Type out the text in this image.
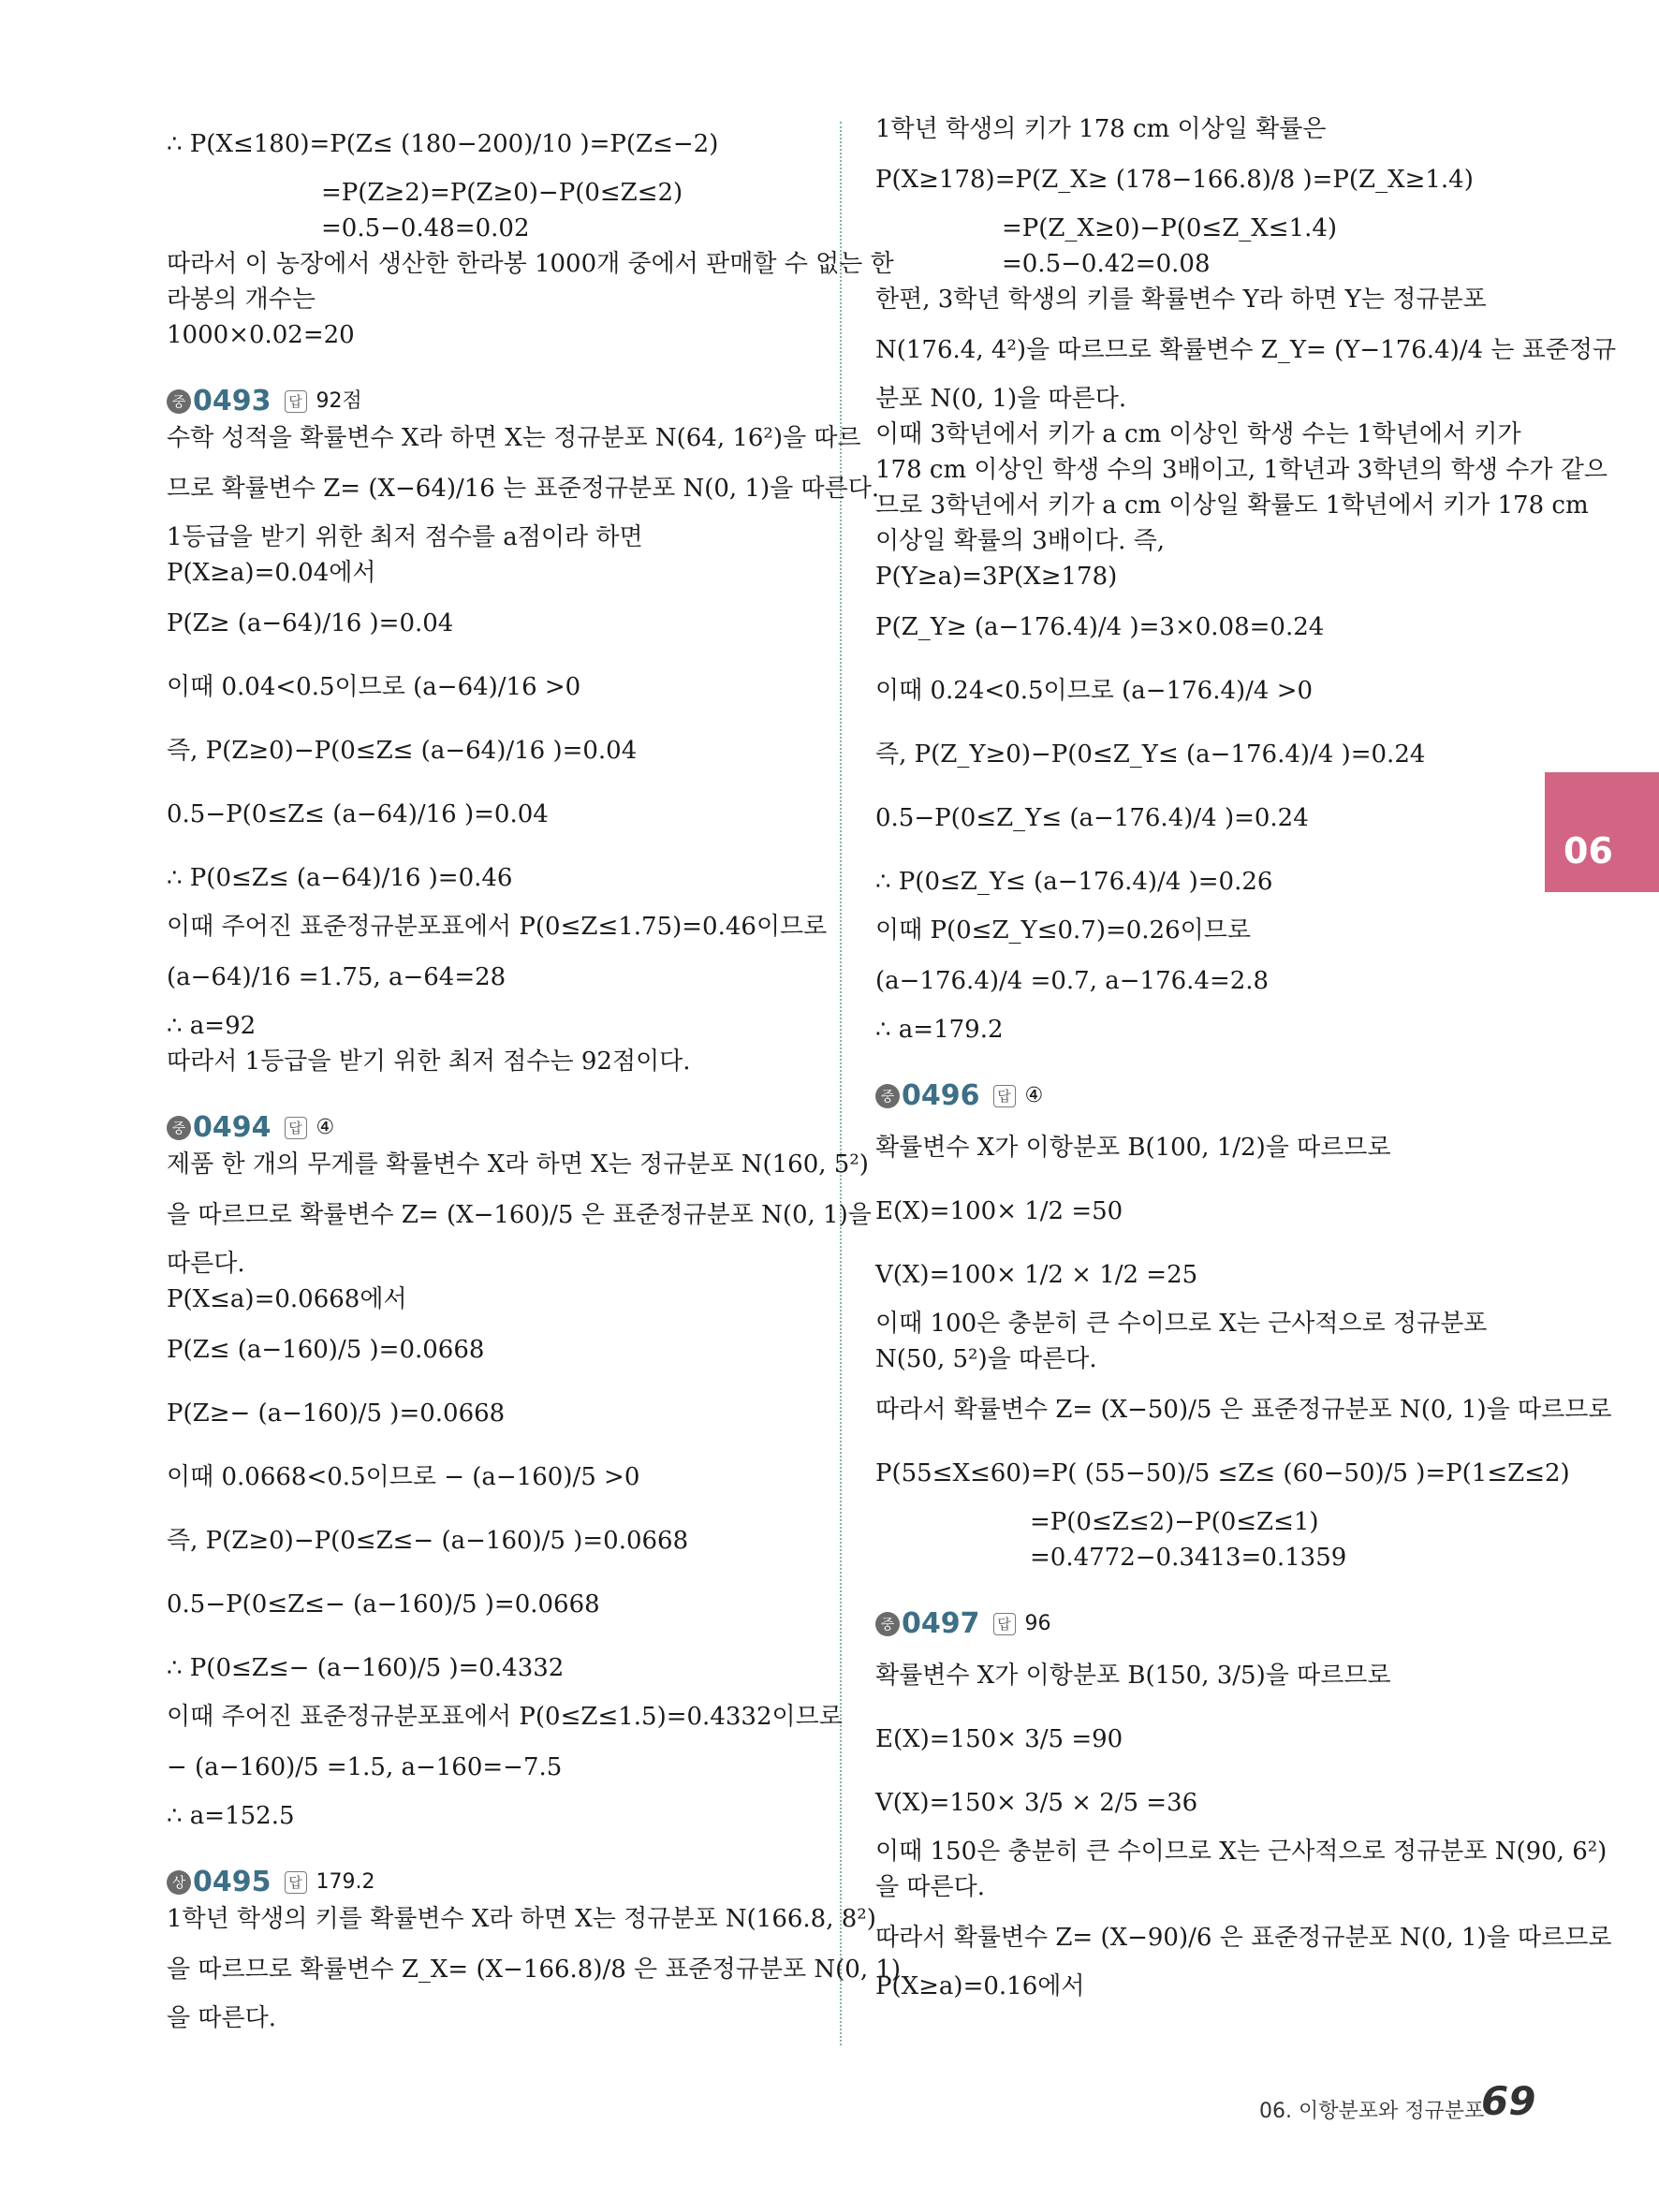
∴ P(X≤180)=P(Z≤ (180−200)/10 )=P(Z≤−2)
=P(Z≥2)=P(Z≥0)−P(0≤Z≤2)
=0.5−0.48=0.02
따라서 이 농장에서 생산한 한라봉 1000개 중에서 판매할 수 없는 한
라봉의 개수는
1000×0.02=20
중 0493 답 92점
수학 성적을 확률변수 X라 하면 X는 정규분포 N(64, 16²)을 따르
므로 확률변수 Z= (X−64)/16 는 표준정규분포 N(0, 1)을 따른다.
1등급을 받기 위한 최저 점수를 a점이라 하면
P(X≥a)=0.04에서
P(Z≥ (a−64)/16 )=0.04
이때 0.04<0.5이므로 (a−64)/16 >0
즉, P(Z≥0)−P(0≤Z≤ (a−64)/16 )=0.04
0.5−P(0≤Z≤ (a−64)/16 )=0.04
∴ P(0≤Z≤ (a−64)/16 )=0.46
이때 주어진 표준정규분포표에서 P(0≤Z≤1.75)=0.46이므로
(a−64)/16 =1.75, a−64=28
∴ a=92
따라서 1등급을 받기 위한 최저 점수는 92점이다.
중 0494 답 ④
제품 한 개의 무게를 확률변수 X라 하면 X는 정규분포 N(160, 5²)
을 따르므로 확률변수 Z= (X−160)/5 은 표준정규분포 N(0, 1)을
따른다.
P(X≤a)=0.0668에서
P(Z≤ (a−160)/5 )=0.0668
P(Z≥− (a−160)/5 )=0.0668
이때 0.0668<0.5이므로 − (a−160)/5 >0
즉, P(Z≥0)−P(0≤Z≤− (a−160)/5 )=0.0668
0.5−P(0≤Z≤− (a−160)/5 )=0.0668
∴ P(0≤Z≤− (a−160)/5 )=0.4332
이때 주어진 표준정규분포표에서 P(0≤Z≤1.5)=0.4332이므로
− (a−160)/5 =1.5, a−160=−7.5
∴ a=152.5
상 0495 답 179.2
1학년 학생의 키를 확률변수 X라 하면 X는 정규분포 N(166.8, 8²)
을 따르므로 확률변수 Z_X= (X−166.8)/8 은 표준정규분포 N(0, 1)
을 따른다.
1학년 학생의 키가 178 cm 이상일 확률은
P(X≥178)=P(Z_X≥ (178−166.8)/8 )=P(Z_X≥1.4)
=P(Z_X≥0)−P(0≤Z_X≤1.4)
=0.5−0.42=0.08
한편, 3학년 학생의 키를 확률변수 Y라 하면 Y는 정규분포
N(176.4, 4²)을 따르므로 확률변수 Z_Y= (Y−176.4)/4 는 표준정규
분포 N(0, 1)을 따른다.
이때 3학년에서 키가 a cm 이상인 학생 수는 1학년에서 키가
178 cm 이상인 학생 수의 3배이고, 1학년과 3학년의 학생 수가 같으
므로 3학년에서 키가 a cm 이상일 확률도 1학년에서 키가 178 cm
이상일 확률의 3배이다. 즉,
P(Y≥a)=3P(X≥178)
P(Z_Y≥ (a−176.4)/4 )=3×0.08=0.24
이때 0.24<0.5이므로 (a−176.4)/4 >0
즉, P(Z_Y≥0)−P(0≤Z_Y≤ (a−176.4)/4 )=0.24
0.5−P(0≤Z_Y≤ (a−176.4)/4 )=0.24
∴ P(0≤Z_Y≤ (a−176.4)/4 )=0.26
이때 P(0≤Z_Y≤0.7)=0.26이므로
(a−176.4)/4 =0.7, a−176.4=2.8
∴ a=179.2
중 0496 답 ④
확률변수 X가 이항분포 B(100, 1/2)을 따르므로
E(X)=100× 1/2 =50
V(X)=100× 1/2 × 1/2 =25
이때 100은 충분히 큰 수이므로 X는 근사적으로 정규분포
N(50, 5²)을 따른다.
따라서 확률변수 Z= (X−50)/5 은 표준정규분포 N(0, 1)을 따르므로
P(55≤X≤60)=P( (55−50)/5 ≤Z≤ (60−50)/5 )=P(1≤Z≤2)
=P(0≤Z≤2)−P(0≤Z≤1)
=0.4772−0.3413=0.1359
중 0497 답 96
확률변수 X가 이항분포 B(150, 3/5)을 따르므로
E(X)=150× 3/5 =90
V(X)=150× 3/5 × 2/5 =36
이때 150은 충분히 큰 수이므로 X는 근사적으로 정규분포 N(90, 6²)
을 따른다.
따라서 확률변수 Z= (X−90)/6 은 표준정규분포 N(0, 1)을 따르므로
P(X≥a)=0.16에서
06
06. 이항분포와 정규분포
69
